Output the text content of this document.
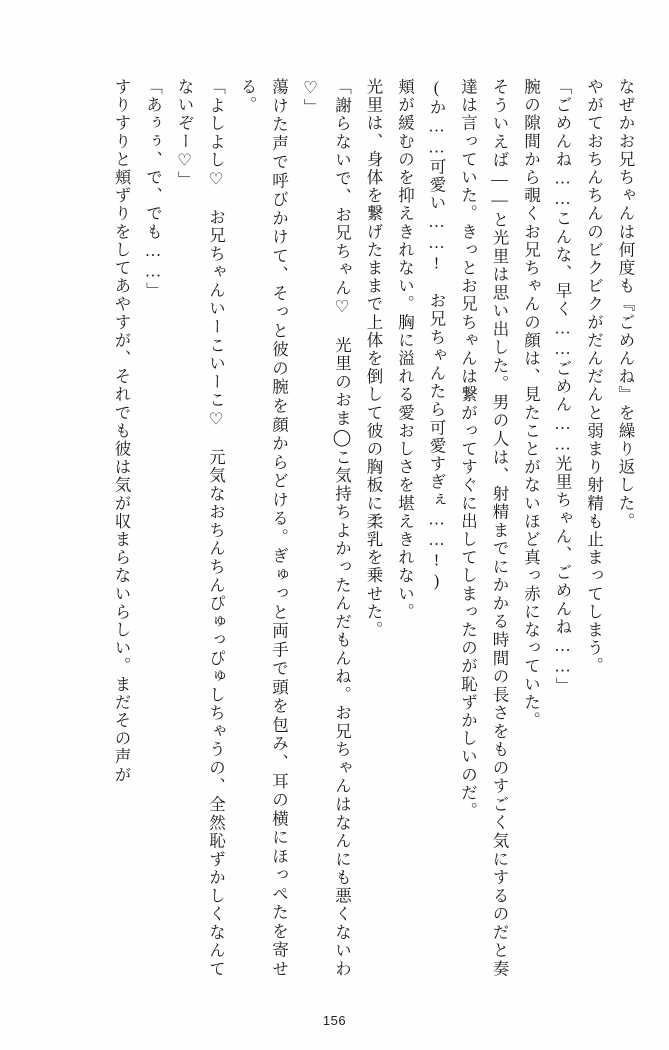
なぜかお兄ちゃんは何度も『ごめんね』を繰り返した。

やがておちんちんのビクビクがだんだんと弱まり射精も止まってしまう。

「ごめんね……こんな、早く……ごめん……光里ちゃん、ごめんね……」

腕の隙間から覗くお兄ちゃんの顔は、見たことがないほど真っ赤になっていた。

そういえば――と光里は思い出した。男の人は、射精までにかかる時間の長さをものすごく気にするのだと奏達は言っていた。きっとお兄ちゃんは繋がってすぐに出してしまったのが恥ずかしいのだ。

(か……可愛い……!　お兄ちゃんたら可愛すぎぇ……!)

頬が緩むのを抑えきれない。胸に溢れる愛おしさを堪えきれない。

光里は、身体を繋げたままで上体を倒して彼の胸板に柔乳を乗せた。

「謝らないで、お兄ちゃん♡　光里のおま◯こ気持ちよかったんだもんね。お兄ちゃんはなんにも悪くないわ♡」

蕩けた声で呼びかけて、そっと彼の腕を顔からどける。ぎゅっと両手で頭を包み、耳の横にほっぺたを寄せる。

「よしよし♡　お兄ちゃんいーこいーこ♡　元気なおちんちんぴゅっぴゅしちゃうの、全然恥ずかしくなんてないぞー♡」

「あぅぅ、で、でも……」

すりすりと頬ずりをしてあやすが、それでも彼は気が収まらないらしい。まだその声が

156
